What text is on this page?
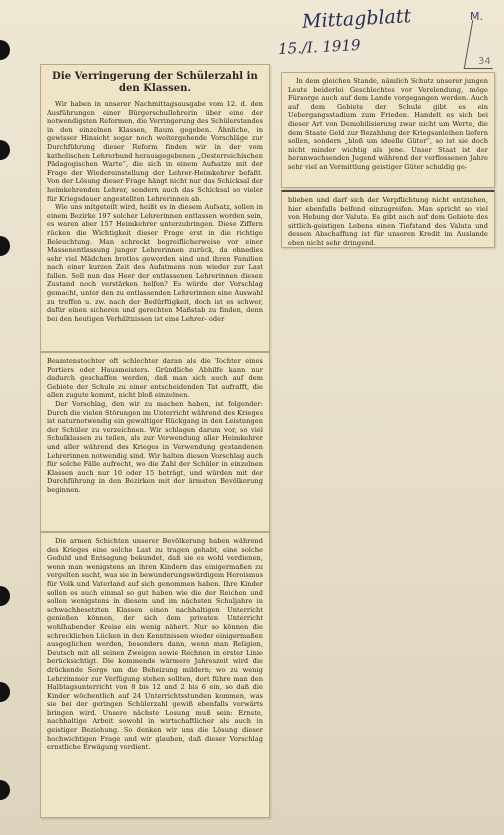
Mittagblatt
15./I. 1919
M.
34

Die Verringerung der Schülerzahl in den Klassen.

Wir haben in unserer Nachmittagsausgabe vom 12. d. den Ausführungen einer Bürgerschullehrerin über eine der notwendigsten Reformen, die Verringerung des Schülerstandes in den einzelnen Klassen, Raum gegeben. Ähnliche, in gewisser Hinsicht sogar noch weitergehende Vorschläge zur Durchführung dieser Reform finden wir in der vom katholischen Lehrerbund herausgegebenen „Oesterreichischen Pädagogischen Warte“, die sich in einem Aufsatze mit der Frage der Wiedereinstellung der Lehrer-Heimkehrer befaßt. Von der Lösung dieser Frage hängt nicht nur das Schicksal der heimkehrenden Lehrer, sondern auch das Schicksal so vieler für Kriegsdauer angestellten Lehrerinnen ab.

Wie uns mitgeteilt wird, heißt es in diesem Aufsatz, sollen in einem Bezirke 197 solcher Lehrerinnen entlassen worden sein, es waren aber 157 Heimkehrer unterzubringen. Diese Ziffern rücken die Wichtigkeit dieser Frage erst in die richtige Beleuchtung. Man schreckt begreiflicherweise vor einer Massenentlassung junger Lehrerinnen zurück, da ohnedies sehr viel Mädchen brotlos geworden sind und ihren Familien nach einer kurzen Zeit des Aufatmens nun wieder zur Last fallen. Soll nun das Heer der entlassenen Lehrerinnen diesen Zustand noch verstärken helfen? Es würde der Vorschlag gemacht, unter den zu entlassenden Lehrerinnen eine Auswahl zu treffen u. zw. nach der Bedürftigkeit, doch ist es schwer, dafür einen sicheren und gerechten Maßstab zu finden, denn bei den heutigen Verhältnissen ist eine Lehrer- oder

In dem gleichen Stande, nämlich Schutz unserer jungen Leute beiderlei Geschlechtes vor Verelendung, möge Fürsorge auch auf dem Lande vorgegangen werden. Auch auf dem Gebiete der Schule gibt es ein Uebergangsstadium zum Frieden. Handelt es sich bei dieser Art von Demobilisierung zwar nicht um Werte, die dem Staate Geld zur Bezahlung der Kriegsanleihen liefern sollen, sondern „bloß um ideelle Güter“, so ist sie doch nicht minder wichtig als jene. Unser Staat ist der heranwachsenden Jugend während der verflossenen Jahre sehr viel an Vermittlung geistiger Güter schuldig ge-

blieben und darf sich der Verpflichtung nicht entziehen, hier ebenfalls belfend einzugreifen. Man spricht so viel von Hebung der Valuta. Es gibt auch auf dem Gebiete des sittlich-geistigen Lebens einen Tiefstand des Valuta und dessen Abschaffung ist für unseren Kredit im Auslande eben nicht sehr dringend.

Beamtenstochter oft schlechter daran als die Tochter eines Portiers oder Hausmeisters. Gründliche Abhilfe kann nur dadurch geschaffen werden, daß man sich auch auf dem Gebiete der Schule zu einer entscheidenden Tat aufrafft, die allen zugute kommt, nicht bloß einzelnen.

Der Vorschlag, den wir zu machen haben, ist folgender: Durch die vielen Störungen im Unterricht während des Krieges ist naturnotwendig ein gewaltiger Rückgang in den Leistungen der Schüler zu verzeichnen. Wir schlagen darum vor, so viel Schulklassen zu teilen, als zur Verwendung aller Heimkehrer und aller während des Krieges in Verwendung gestandenen Lehrerinnen notwendig sind. Wir halten diesen Vorschlag auch für solche Fälle aufrecht, wo die Zahl der Schüler in einzelnen Klassen auch nur 10 oder 15 beträgt, und würden mit der Durchführung in den Bezirken mit der ärmsten Bevölkerung beginnen.

Die armen Schichten unserer Bevölkerung haben während des Krieges eine solche Last zu tragen gehabt, eine solche Geduld und Entsagung bekundet, daß sie es wohl verdienen, wenn man wenigstens an ihren Kindern das einigermaßen zu vergelten sucht, was sie in bewunderungswürdigem Heroismus für Volk und Vaterland auf sich genommen haben. Ihre Kinder sollen es auch einmal so gut haben wie die der Reichen und sollen wenigstens in diesem und im nächsten Schuljahre in schwachbesetzten Klassen einen nachhaltigen Unterricht genießen können, der sich dem privaten Unterricht wohlhabender Kreise ein wenig nähert. Nur so können die schrecklichen Lücken in den Kenntnissen wieder einigermaßen ausgeglichen werden, besonders dann, wenn man Religion, Deutsch mit all seinen Zweigen sowie Rechnen in erster Linie berücksichtigt. Die kommende wärmere Jahreszeit wird die drückende Sorge um die Beheizung mildern; wo zu wenig Lehrzimmer zur Verfügung stehen sollten, dort führe man den Halbtagsunterricht von 8 bis 12 und 2 bis 6 ein, so daß die Kinder wöchentlich auf 24 Unterrichtsstunden kommen, was sie bei der geringen Schülerzahl gewiß ebenfalls vorwärts bringen wird. Unsere nächste Losung muß sein: Ernste, nachhaltige Arbeit sowohl in wirtschaftlicher als auch in geistiger Beziehung. So denken wir uns die Lösung dieser hochwichtigen Frage und wir glauben, daß dieser Vorschlag ernstliche Erwägung verdient.
